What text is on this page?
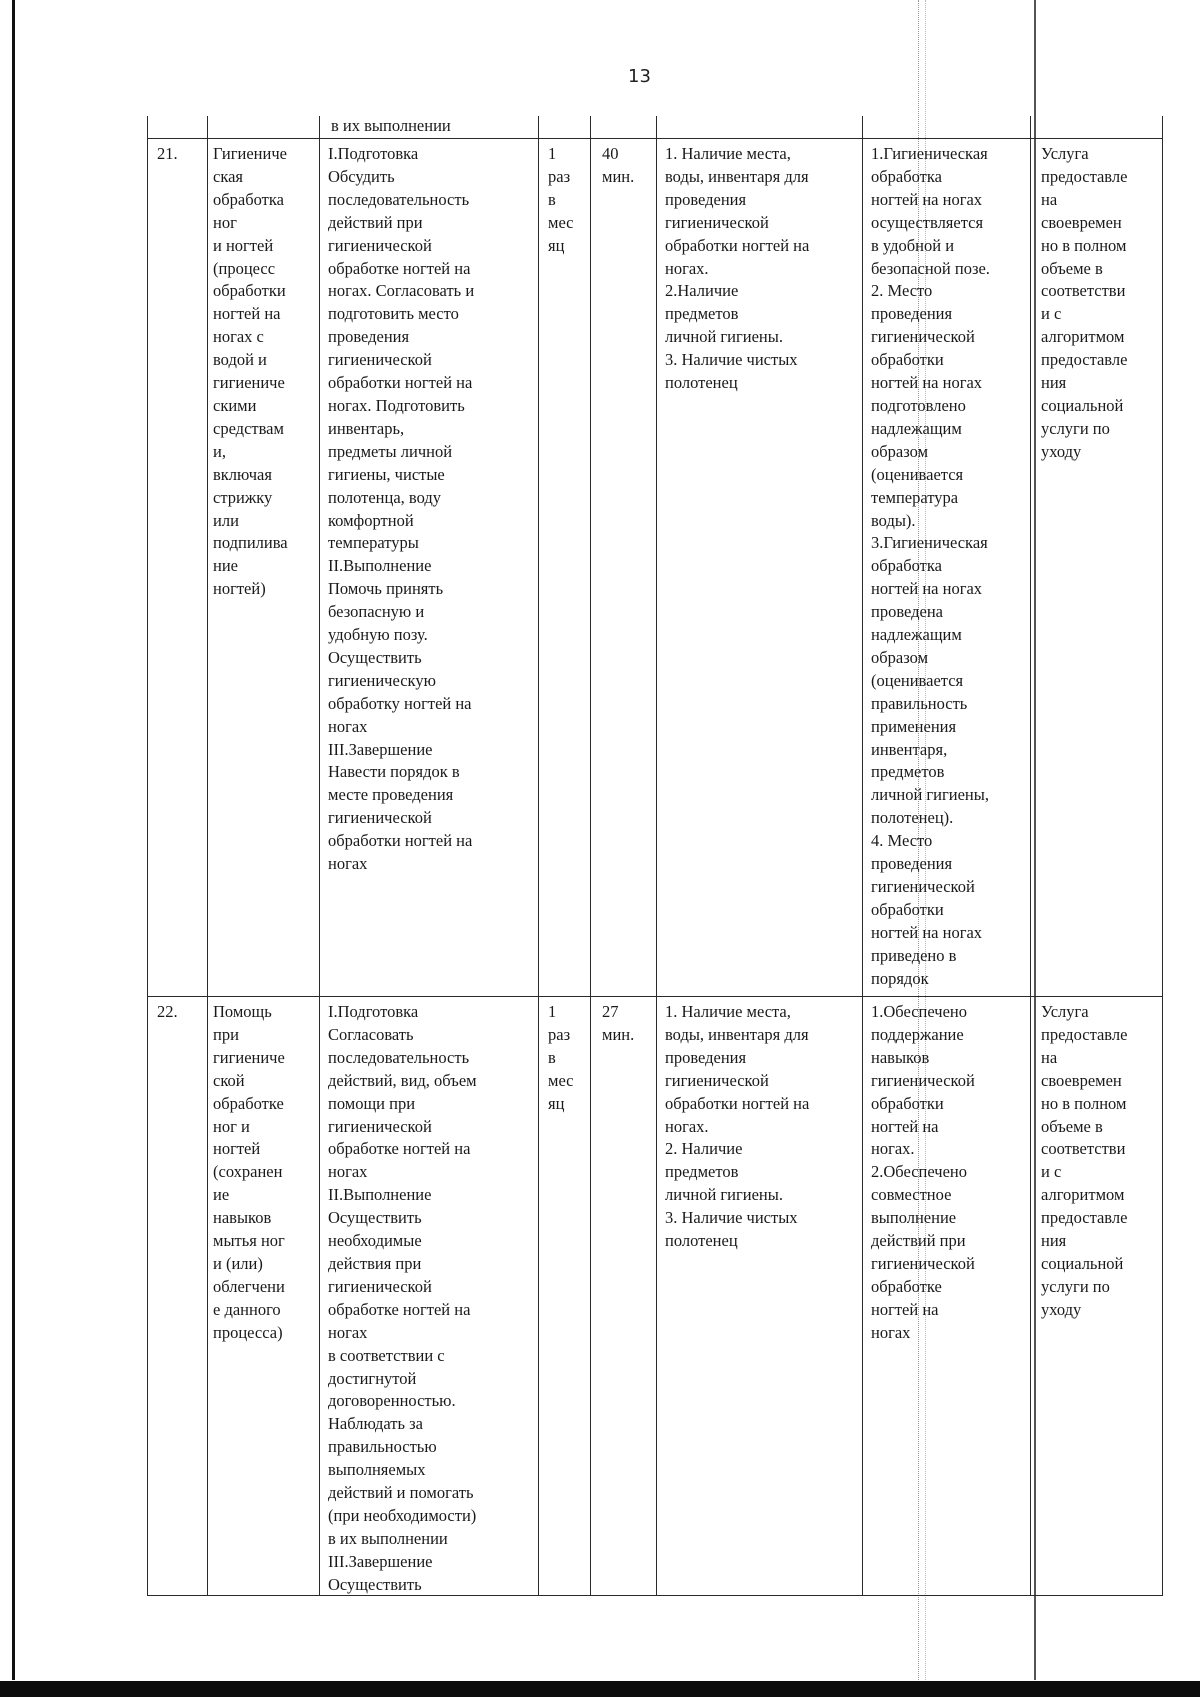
13
в их выполнении
21. Гигиениче
ская
обработка
ног
и ногтей
(процесс
обработки
ногтей на
ногах с
водой и
гигиениче
скими
средствам
и,
включая
стрижку
или
подпилива
ние
ногтей)
I.Подготовка
Обсудить
последовательность
действий при
гигиенической
обработке ногтей на
ногах. Согласовать и
подготовить место
проведения
гигиенической
обработки ногтей на
ногах. Подготовить
инвентарь,
предметы личной
гигиены, чистые
полотенца, воду
комфортной
температуры
II.Выполнение
Помочь принять
безопасную и
удобную позу.
Осуществить
гигиеническую
обработку ногтей на
ногах
III.Завершение
Навести порядок в
месте проведения
гигиенической
обработки ногтей на
ногах
1
раз
в
мес
яц
40
мин.
1. Наличие места,
воды, инвентаря для
проведения
гигиенической
обработки ногтей на
ногах.
2.Наличие
предметов
личной гигиены.
3. Наличие чистых
полотенец
1.Гигиеническая
обработка
ногтей на ногах
осуществляется
в удобной и
безопасной позе.
2. Место
проведения
гигиенической
обработки
ногтей на ногах
подготовлено
надлежащим
образом
(оценивается
температура
воды).
3.Гигиеническая
обработка
ногтей на ногах
проведена
надлежащим
образом
(оценивается
правильность
применения
инвентаря,
предметов
личной гигиены,
полотенец).
4. Место
проведения
гигиенической
обработки
ногтей на ногах
приведено в
порядок
Услуга
предоставле
на
своевремен
но в полном
объеме в
соответстви
и с
алгоритмом
предоставле
ния
социальной
услуги по
уходу
22. Помощь
при
гигиениче
ской
обработке
ног и
ногтей
(сохранен
ие
навыков
мытья ног
и (или)
облегчени
е данного
процесса)
I.Подготовка
Согласовать
последовательность
действий, вид, объем
помощи при
гигиенической
обработке ногтей на
ногах
II.Выполнение
Осуществить
необходимые
действия при
гигиенической
обработке ногтей на
ногах
в соответствии с
достигнутой
договоренностью.
Наблюдать за
правильностью
выполняемых
действий и помогать
(при необходимости)
в их выполнении
III.Завершение
Осуществить
1
раз
в
мес
яц
27
мин.
1. Наличие места,
воды, инвентаря для
проведения
гигиенической
обработки ногтей на
ногах.
2. Наличие
предметов
личной гигиены.
3. Наличие чистых
полотенец
1.Обеспечено
поддержание
навыков
гигиенической
обработки
ногтей на
ногах.
2.Обеспечено
совместное
выполнение
действий при
гигиенической
обработке
ногтей на
ногах
Услуга
предоставле
на
своевремен
но в полном
объеме в
соответстви
и с
алгоритмом
предоставле
ния
социальной
услуги по
уходу
